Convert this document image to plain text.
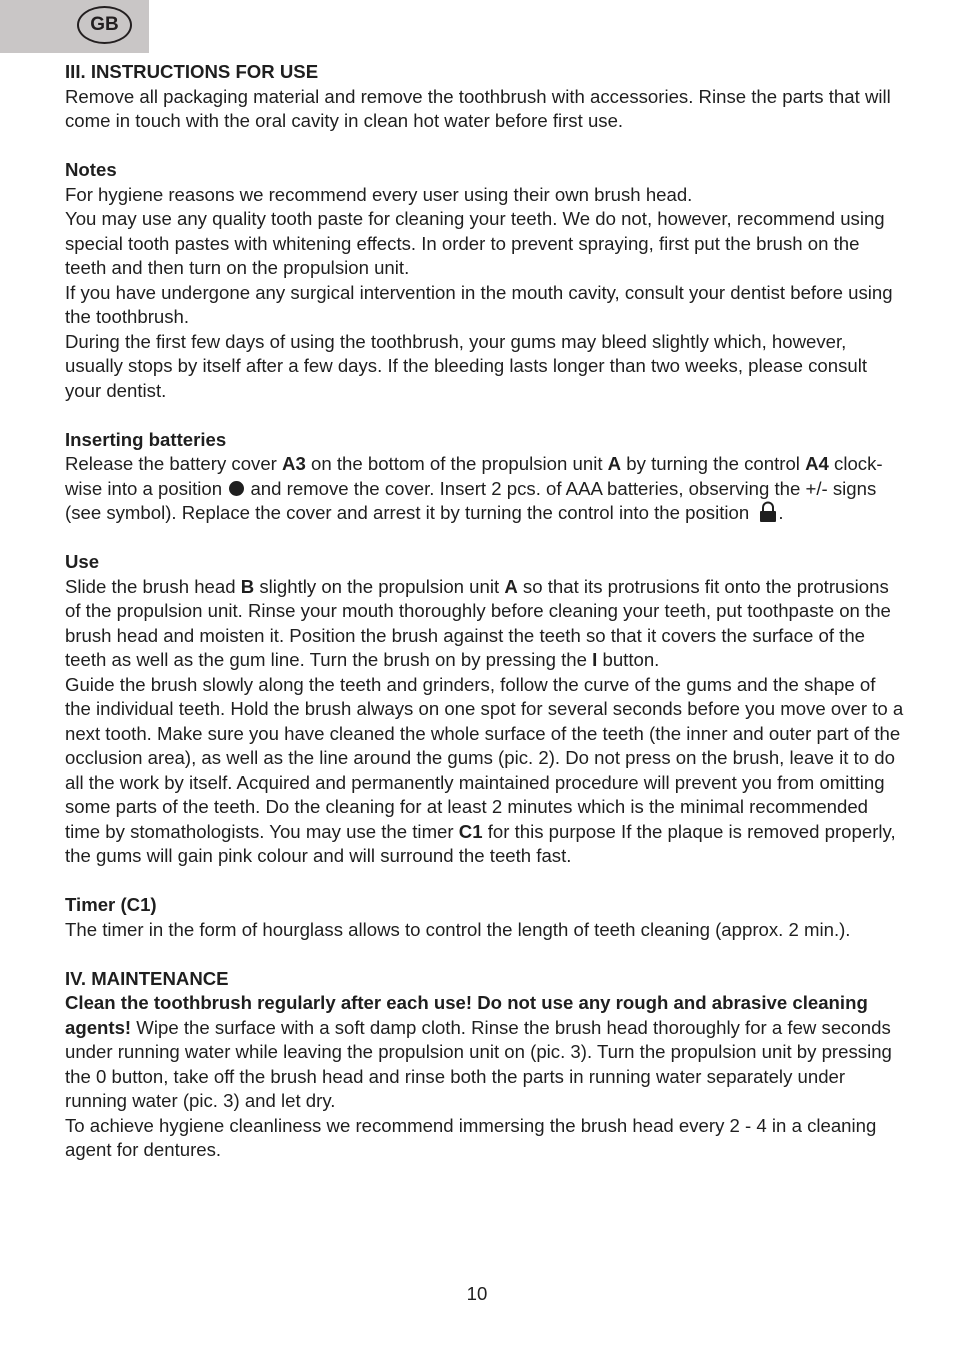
GB

III. INSTRUCTIONS FOR USE

Remove all packaging material and remove the toothbrush with accessories. Rinse the parts that will come in touch with the oral cavity in clean hot water before first use.

Notes

For hygiene reasons we recommend every user using their own brush head.

You may use any quality tooth paste for cleaning your teeth. We do not, however, recommend using special tooth pastes with whitening effects. In order to prevent spraying, first put the brush on the teeth and then turn on the propulsion unit.

If you have undergone any surgical intervention in the mouth cavity, consult your dentist before using the toothbrush.

During the first few days of using the toothbrush, your gums may bleed slightly which, however, usually stops by itself after a few days. If the bleeding lasts longer than two weeks, please consult your dentist.

Inserting batteries

Release the battery cover A3 on the bottom of the propulsion unit A by turning the control A4 clock-wise into a position  and remove the cover. Insert 2 pcs. of AAA batteries, observing the +/- signs (see symbol). Replace the cover and arrest it by turning the control into the position .

Use

Slide the brush head B slightly on the propulsion unit A so that its protrusions fit onto the protrusions of the propulsion unit. Rinse your mouth thoroughly before cleaning your teeth, put toothpaste on the brush head and moisten it. Position the brush against the teeth so that it covers the surface of the teeth as well as the gum line. Turn the brush on by pressing the I button.

Guide the brush slowly along the teeth and grinders, follow the curve of the gums and the shape of the individual teeth. Hold the brush always on one spot for several seconds before you move over to a next tooth. Make sure you have cleaned the whole surface of the teeth (the inner and outer part of the occlusion area), as well as the line around the gums (pic. 2). Do not press on the brush, leave it to do all the work by itself. Acquired and permanently maintained procedure will prevent you from omitting some parts of the teeth. Do the cleaning for at least 2 minutes which is the minimal recommended time by stomathologists. You may use the timer C1 for this purpose If the plaque is removed properly, the gums will gain pink colour and will surround the teeth fast.

Timer (C1)

The timer in the form of hourglass allows to control the length of teeth cleaning (approx. 2 min.).

IV. MAINTENANCE

Clean the toothbrush regularly after each use! Do not use any rough and abrasive cleaning agents! Wipe the surface with a soft damp cloth. Rinse the brush head thoroughly for a few seconds under running water while leaving the propulsion unit on (pic. 3). Turn the propulsion unit by pressing the 0 button, take off the brush head and rinse both the parts in running water separately under running water (pic. 3) and let dry.

To achieve hygiene cleanliness we recommend immersing the brush head every 2 - 4 in a cleaning agent for dentures.

10
